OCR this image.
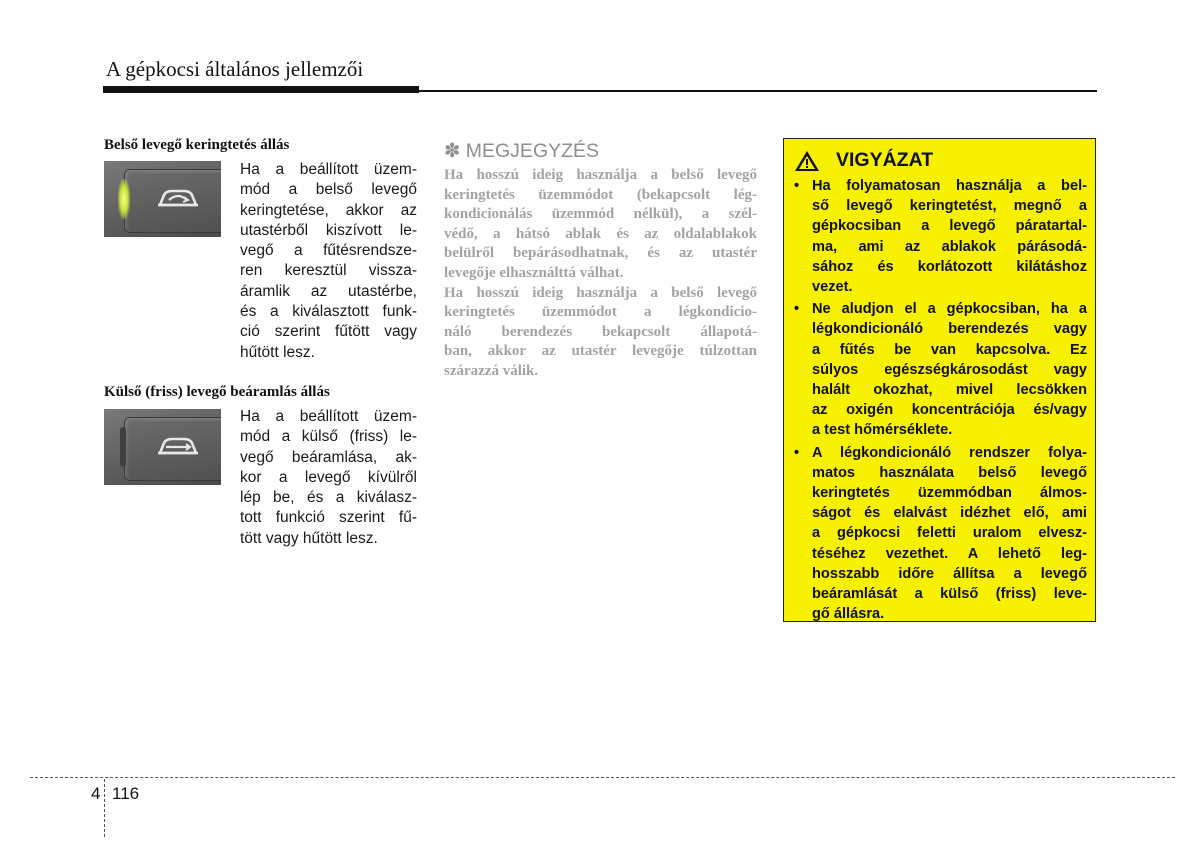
A gépkocsi általános jellemzői
Belső levegő keringtetés állás
Ha a beállított üzem-
mód a belső levegő
keringtetése, akkor az
utastérből kiszívott le-
vegő a fűtésrendsze-
ren keresztül vissza-
áramlik az utastérbe,
és a kiválasztott funk-
ció szerint fűtött vagy
hűtött lesz.
Külső (friss) levegő beáramlás állás
Ha a beállított üzem-
mód a külső (friss) le-
vegő beáramlása, ak-
kor a levegő kívülről
lép be, és a kiválasz-
tott funkció szerint fű-
tött vagy hűtött lesz.
✽ MEGJEGYZÉS
Ha hosszú ideig használja a belső levegő
keringtetés üzemmódot (bekapcsolt lég-
kondicionálás üzemmód nélkül), a szél-
védő, a hátsó ablak és az oldalablakok
belülről bepárásodhatnak, és az utastér
levegője elhasználttá válhat.
Ha hosszú ideig használja a belső levegő
keringtetés üzemmódot a légkondicio-
náló berendezés bekapcsolt állapotá-
ban, akkor az utastér levegője túlzottan
szárazzá válik.
VIGYÁZAT
• Ha folyamatosan használja a bel-
ső levegő keringtetést, megnő a
gépkocsiban a levegő páratartal-
ma, ami az ablakok párásodá-
sához és korlátozott kilátáshoz
vezet.
• Ne aludjon el a gépkocsiban, ha a
légkondicionáló berendezés vagy
a fűtés be van kapcsolva. Ez
súlyos egészségkárosodást vagy
halált okozhat, mivel lecsökken
az oxigén koncentrációja és/vagy
a test hőmérséklete.
• A légkondicionáló rendszer folya-
matos használata belső levegő
keringtetés üzemmódban álmos-
ságot és elalvást idézhet elő, ami
a gépkocsi feletti uralom elvesz-
téséhez vezethet. A lehető leg-
hosszabb időre állítsa a levegő
beáramlását a külső (friss) leve-
gő állásra.
4 116
